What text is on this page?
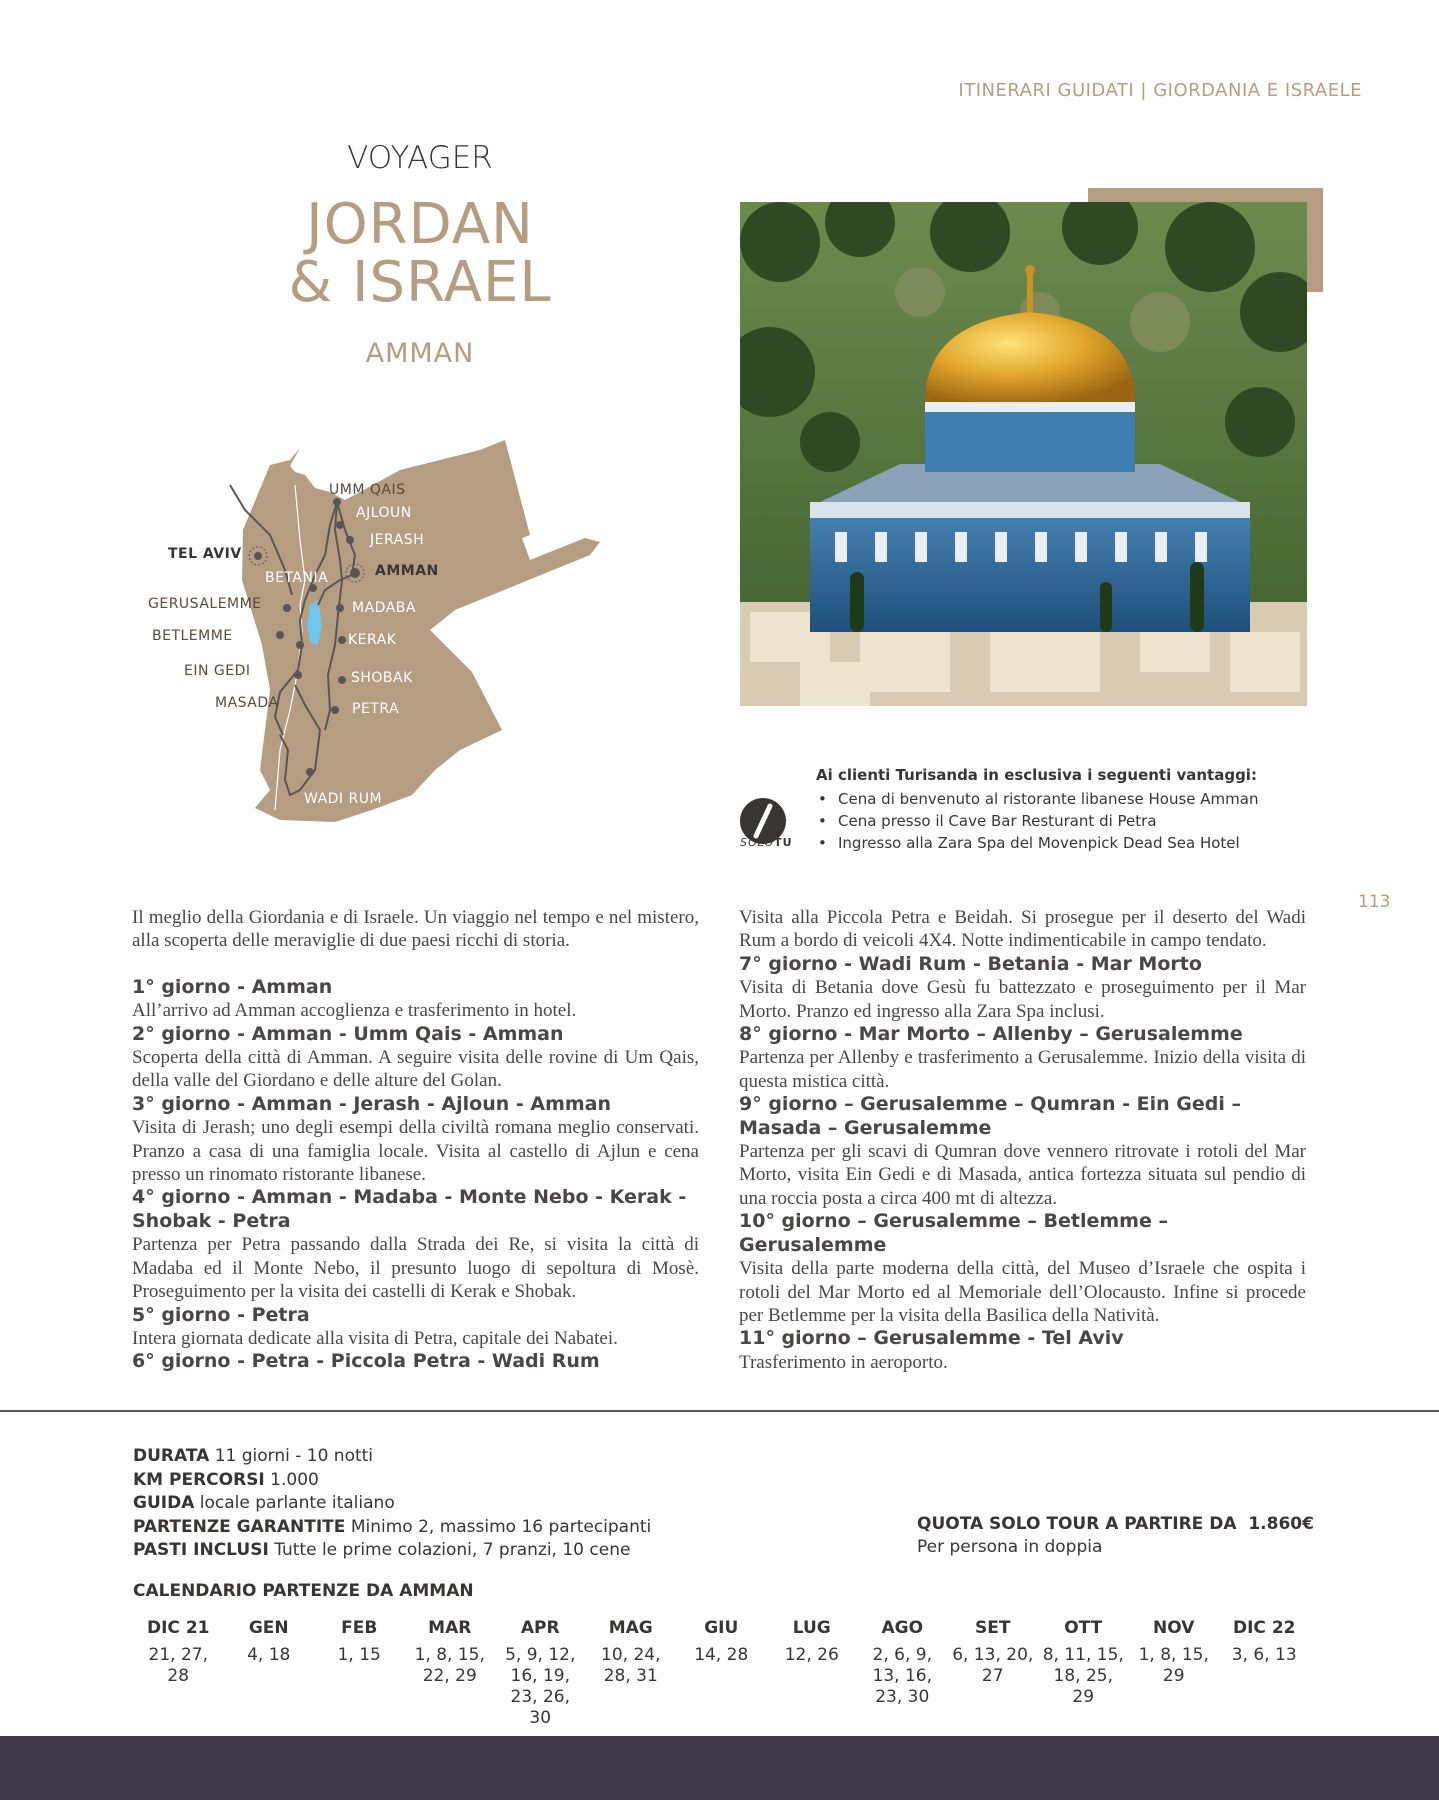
ITINERARI GUIDATI | GIORDANIA E ISRAELE
VOYAGER
JORDAN
& ISRAEL
AMMAN
UMM QAIS
AJLOUN
JERASH
TEL AVIV
BETANIA	AMMAN
GERUSALEMME	MADABA
BETLEMME	KERAK
EIN GEDI	SHOBAK
MASADA	PETRA
WADI RUM
SOLOTU
Ai clienti Turisanda in esclusiva i seguenti vantaggi:
• Cena di benvenuto al ristorante libanese House Amman
• Cena presso il Cave Bar Resturant di Petra
• Ingresso alla Zara Spa del Movenpick Dead Sea Hotel
113

Il meglio della Giordania e di Israele. Un viaggio nel tempo e nel mistero, alla scoperta delle meraviglie di due paesi ricchi di storia.

1° giorno - Amman

All’arrivo ad Amman accoglienza e trasferimento in hotel.

2° giorno - Amman - Umm Qais - Amman

Scoperta della città di Amman. A seguire visita delle rovine di Um Qais, della valle del Giordano e delle alture del Golan.

3° giorno - Amman - Jerash - Ajloun - Amman

Visita di Jerash; uno degli esempi della civiltà romana meglio conservati. Pranzo a casa di una famiglia locale. Visita al castello di Ajlun e cena presso un rinomato ristorante libanese.

4° giorno - Amman - Madaba - Monte Nebo - Kerak - Shobak - Petra

Partenza per Petra passando dalla Strada dei Re, si visita la città di Madaba ed il Monte Nebo, il presunto luogo di sepoltura di Mosè. Proseguimento per la visita dei castelli di Kerak e Shobak.

5° giorno - Petra

Intera giornata dedicate alla visita di Petra, capitale dei Nabatei.

6° giorno - Petra - Piccola Petra - Wadi Rum

Visita alla Piccola Petra e Beidah. Si prosegue per il deserto del Wadi Rum a bordo di veicoli 4X4. Notte indimenticabile in campo tendato.

7° giorno - Wadi Rum - Betania - Mar Morto

Visita di Betania dove Gesù fu battezzato e proseguimento per il Mar Morto. Pranzo ed ingresso alla Zara Spa inclusi.

8° giorno - Mar Morto – Allenby – Gerusalemme

Partenza per Allenby e trasferimento a Gerusalemme. Inizio della visita di questa mistica città.

9° giorno – Gerusalemme – Qumran - Ein Gedi – Masada – Gerusalemme

Partenza per gli scavi di Qumran dove vennero ritrovate i rotoli del Mar Morto, visita Ein Gedi e di Masada, antica fortezza situata sul pendio di una roccia posta a circa 400 mt di altezza.

10° giorno – Gerusalemme – Betlemme – Gerusalemme

Visita della parte moderna della città, del Museo d’Israele che ospita i rotoli del Mar Morto ed al Memoriale dell’Olocausto. Infine si procede per Betlemme per la visita della Basilica della Natività.

11° giorno – Gerusalemme - Tel Aviv

Trasferimento in aeroporto.

DURATA 11 giorni - 10 notti
KM PERCORSI 1.000
GUIDA locale parlante italiano
PARTENZE GARANTITE Minimo 2, massimo 16 partecipanti
PASTI INCLUSI Tutte le prime colazioni, 7 pranzi, 10 cene
QUOTA SOLO TOUR A PARTIRE DA 1.860€
Per persona in doppia
CALENDARIO PARTENZE DA AMMAN
DIC 21
21, 27, 28
GEN
4, 18
FEB
1, 15
MAR
1, 8, 15, 22, 29
APR
5, 9, 12, 16, 19, 23, 26, 30
MAG
10, 24, 28, 31
GIU
14, 28
LUG
12, 26
AGO
2, 6, 9, 13, 16, 23, 30
SET
6, 13, 20, 27
OTT
8, 11, 15, 18, 25, 29
NOV
1, 8, 15, 29
DIC 22
3, 6, 13
